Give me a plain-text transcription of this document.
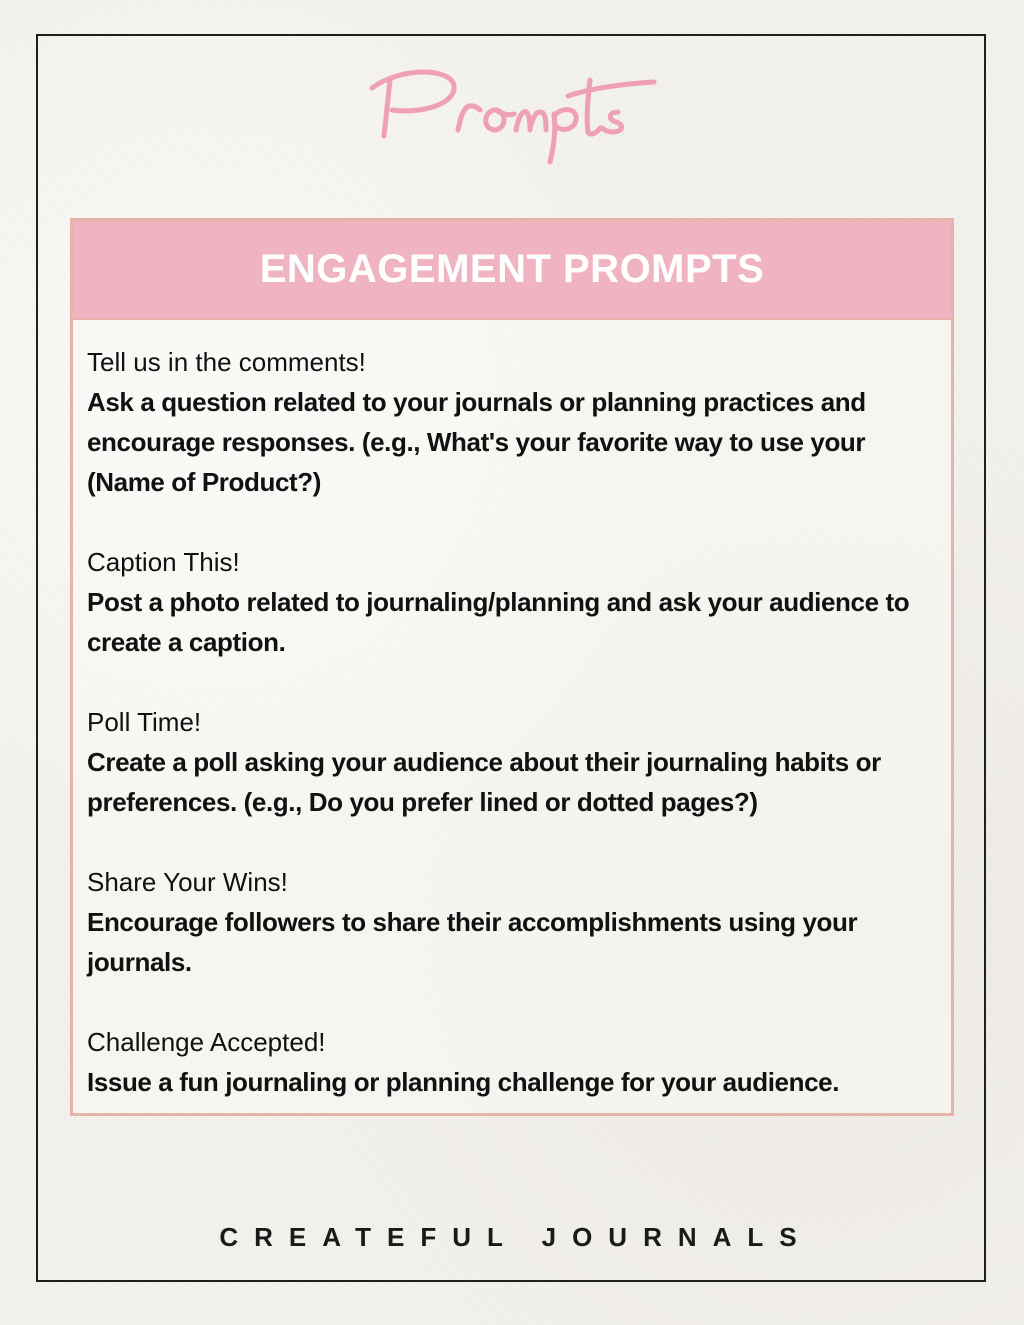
ENGAGEMENT PROMPTS

Tell us in the comments!

Ask a question related to your journals or planning practices and encourage responses. (e.g., What's your favorite way to use your (Name of Product?)

Caption This!

Post a photo related to journaling/planning and ask your audience to create a caption.

Poll Time!

Create a poll asking your audience about their journaling habits or preferences. (e.g., Do you prefer lined or dotted pages?)

Share Your Wins!

Encourage followers to share their accomplishments using your journals.

Challenge Accepted!

Issue a fun journaling or planning challenge for your audience.

CREATEFUL JOURNALS
